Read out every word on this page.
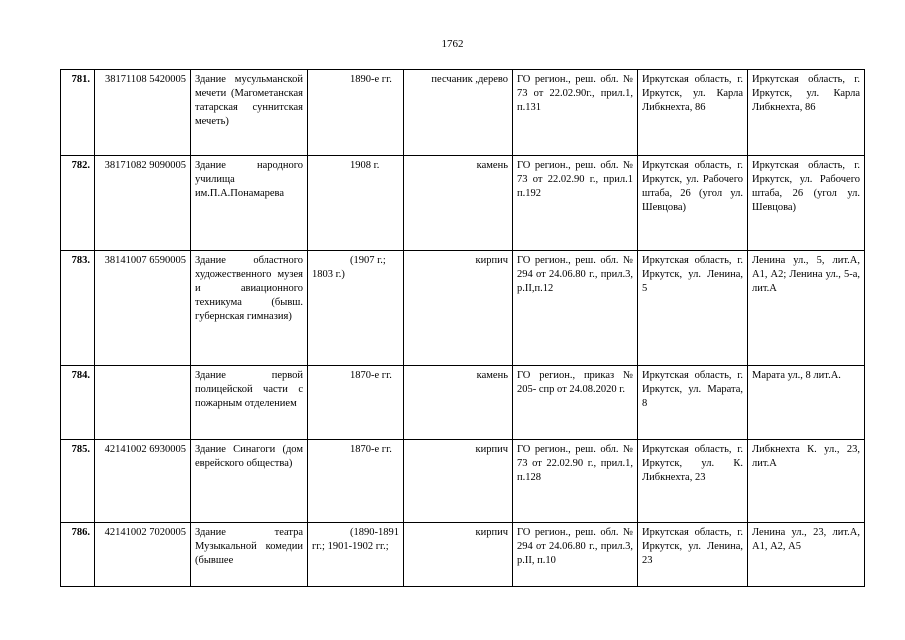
1762
781.	38171108 5420005	Здание мусульманской мечети (Магометанская татарская суннитская мечеть)	1890-е гг.	песчаник ,дерево	ГО регион., реш. обл. № 73 от 22.02.90г., прил.1, п.131	Иркутская область, г. Иркутск, ул. Карла Либкнехта, 86	Иркутская область, г. Иркутск, ул. Карла Либкнехта, 86
782.	38171082 9090005	Здание народного училища им.П.А.Понамарева	1908 г.	камень	ГО регион., реш. обл. № 73 от 22.02.90 г., прил.1 п.192	Иркутская область, г. Иркутск, ул. Рабочего штаба, 26 (угол ул. Шевцова)	Иркутская область, г. Иркутск, ул. Рабочего штаба, 26 (угол ул. Шевцова)
783.	38141007 6590005	Здание областного художественного музея и авиационного техникума (бывш. губернская гимназия)	(1907 г.; 1803 г.)	кирпич	ГО регион., реш. обл. № 294 от 24.06.80 г., прил.3, р.II,п.12	Иркутская область, г. Иркутск, ул. Ленина, 5	Ленина ул., 5, лит.А, А1, А2; Ленина ул., 5-а, лит.А
784.		Здание первой полицейской части с пожарным отделением	1870-е гг.	камень	ГО регион., приказ № 205- спр от 24.08.2020 г.	Иркутская область, г. Иркутск, ул. Марата, 8	Марата ул., 8 лит.А.
785.	42141002 6930005	Здание Синагоги (дом еврейского общества)	1870-е гг.	кирпич	ГО регион., реш. обл. № 73 от 22.02.90 г., прил.1, п.128	Иркутская область, г. Иркутск, ул. К. Либкнехта, 23	Либкнехта К. ул., 23, лит.А
786.	42141002 7020005	Здание театра Музыкальной комедии (бывшее	(1890-1891 гг.; 1901-1902 гг.;	кирпич	ГО регион., реш. обл. № 294 от 24.06.80 г., прил.3, р.II, п.10	Иркутская область, г. Иркутск, ул. Ленина, 23	Ленина ул., 23, лит.А, А1, А2, А5
